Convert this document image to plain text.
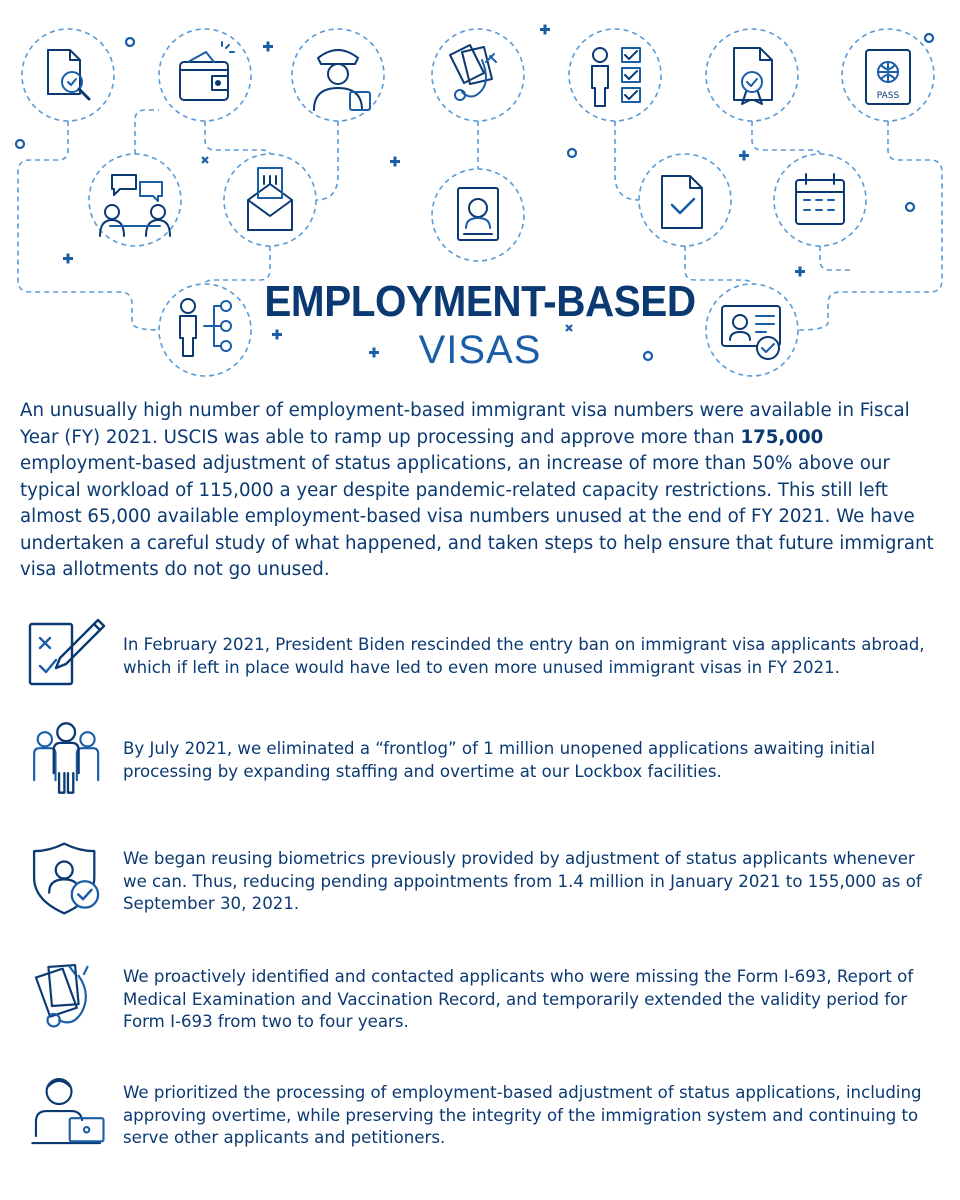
PASS
EMPLOYMENT-BASED
VISAS

An unusually high number of employment-based immigrant visa numbers were available in Fiscal Year (FY) 2021. USCIS was able to ramp up processing and approve more than 175,000 employment-based adjustment of status applications, an increase of more than 50% above our typical workload of 115,000 a year despite pandemic-related capacity restrictions. This still left almost 65,000 available employment-based visa numbers unused at the end of FY 2021. We have undertaken a careful study of what happened, and taken steps to help ensure that future immigrant visa allotments do not go unused.

In February 2021, President Biden rescinded the entry ban on immigrant visa applicants abroad, which if left in place would have led to even more unused immigrant visas in FY 2021.

By July 2021, we eliminated a “frontlog” of 1 million unopened applications awaiting initial processing by expanding staffing and overtime at our Lockbox facilities.

We began reusing biometrics previously provided by adjustment of status applicants whenever we can. Thus, reducing pending appointments from 1.4 million in January 2021 to 155,000 as of September 30, 2021.

We proactively identified and contacted applicants who were missing the Form I-693, Report of Medical Examination and Vaccination Record, and temporarily extended the validity period for Form I-693 from two to four years.

We prioritized the processing of employment-based adjustment of status applications, including approving overtime, while preserving the integrity of the immigration system and continuing to serve other applicants and petitioners.
